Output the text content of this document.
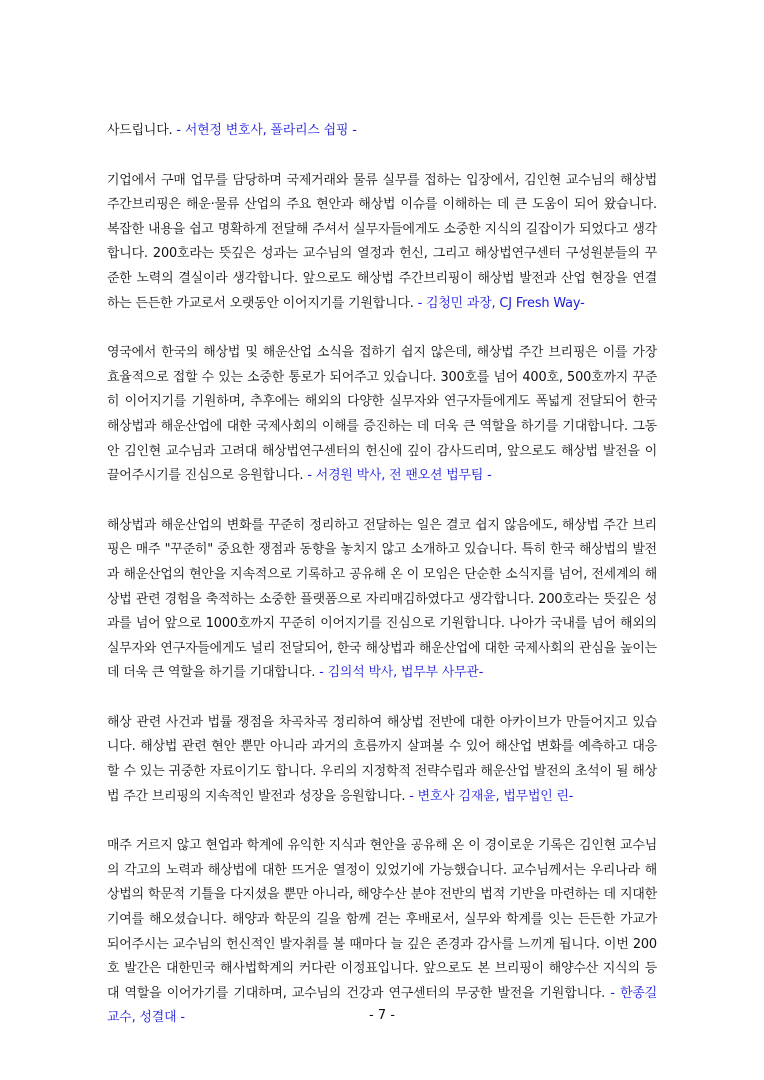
사드립니다. - 서현정 변호사, 폴라리스 쉽핑 -

기업에서 구매 업무를 담당하며 국제거래와 물류 실무를 접하는 입장에서, 김인현 교수님의 해상법 주간브리핑은 해운·물류 산업의 주요 현안과 해상법 이슈를 이해하는 데 큰 도움이 되어 왔습니다. 복잡한 내용을 쉽고 명확하게 전달해 주셔서 실무자들에게도 소중한 지식의 길잡이가 되었다고 생각합니다. 200호라는 뜻깊은 성과는 교수님의 열정과 헌신, 그리고 해상법연구센터 구성원분들의 꾸준한 노력의 결실이라 생각합니다. 앞으로도 해상법 주간브리핑이 해상법 발전과 산업 현장을 연결하는 든든한 가교로서 오랫동안 이어지기를 기원합니다. - 김청민 과장, CJ Fresh Way-

영국에서 한국의 해상법 및 해운산업 소식을 접하기 쉽지 않은데, 해상법 주간 브리핑은 이를 가장 효율적으로 접할 수 있는 소중한 통로가 되어주고 있습니다. 300호를 넘어 400호, 500호까지 꾸준히 이어지기를 기원하며, 추후에는 해외의 다양한 실무자와 연구자들에게도 폭넓게 전달되어 한국 해상법과 해운산업에 대한 국제사회의 이해를 증진하는 데 더욱 큰 역할을 하기를 기대합니다. 그동안 김인현 교수님과 고려대 해상법연구센터의 헌신에 깊이 감사드리며, 앞으로도 해상법 발전을 이끌어주시기를 진심으로 응원합니다. - 서경원 박사, 전 팬오션 법무팀 -

해상법과 해운산업의 변화를 꾸준히 정리하고 전달하는 일은 결코 쉽지 않음에도, 해상법 주간 브리핑은 매주 "꾸준히" 중요한 쟁점과 동향을 놓치지 않고 소개하고 있습니다. 특히 한국 해상법의 발전과 해운산업의 현안을 지속적으로 기록하고 공유해 온 이 모임은 단순한 소식지를 넘어, 전세계의 해상법 관련 경험을 축적하는 소중한 플랫폼으로 자리매김하였다고 생각합니다. 200호라는 뜻깊은 성과를 넘어 앞으로 1000호까지 꾸준히 이어지기를 진심으로 기원합니다. 나아가 국내를 넘어 해외의 실무자와 연구자들에게도 널리 전달되어, 한국 해상법과 해운산업에 대한 국제사회의 관심을 높이는 데 더욱 큰 역할을 하기를 기대합니다. - 김의석 박사, 법무부 사무관-

해상 관련 사건과 법률 쟁점을 차곡차곡 정리하여 해상법 전반에 대한 아카이브가 만들어지고 있습니다. 해상법 관련 현안 뿐만 아니라 과거의 흐름까지 살펴볼 수 있어 해산업 변화를 예측하고 대응할 수 있는 귀중한 자료이기도 합니다. 우리의 지정학적 전략수립과 해운산업 발전의 초석이 될 해상법 주간 브리핑의 지속적인 발전과 성장을 응원합니다. - 변호사 김재윤, 법무법인 린-

매주 거르지 않고 현업과 학계에 유익한 지식과 현안을 공유해 온 이 경이로운 기록은 김인현 교수님의 각고의 노력과 해상법에 대한 뜨거운 열정이 있었기에 가능했습니다. 교수님께서는 우리나라 해상법의 학문적 기틀을 다지셨을 뿐만 아니라, 해양수산 분야 전반의 법적 기반을 마련하는 데 지대한 기여를 해오셨습니다. 해양과 학문의 길을 함께 걷는 후배로서, 실무와 학계를 잇는 든든한 가교가 되어주시는 교수님의 헌신적인 발자취를 볼 때마다 늘 깊은 존경과 감사를 느끼게 됩니다. 이번 200호 발간은 대한민국 해사법학계의 커다란 이정표입니다. 앞으로도 본 브리핑이 해양수산 지식의 등대 역할을 이어가기를 기대하며, 교수님의 건강과 연구센터의 무궁한 발전을 기원합니다. - 한종길 교수, 성결대 -	- 7 -
